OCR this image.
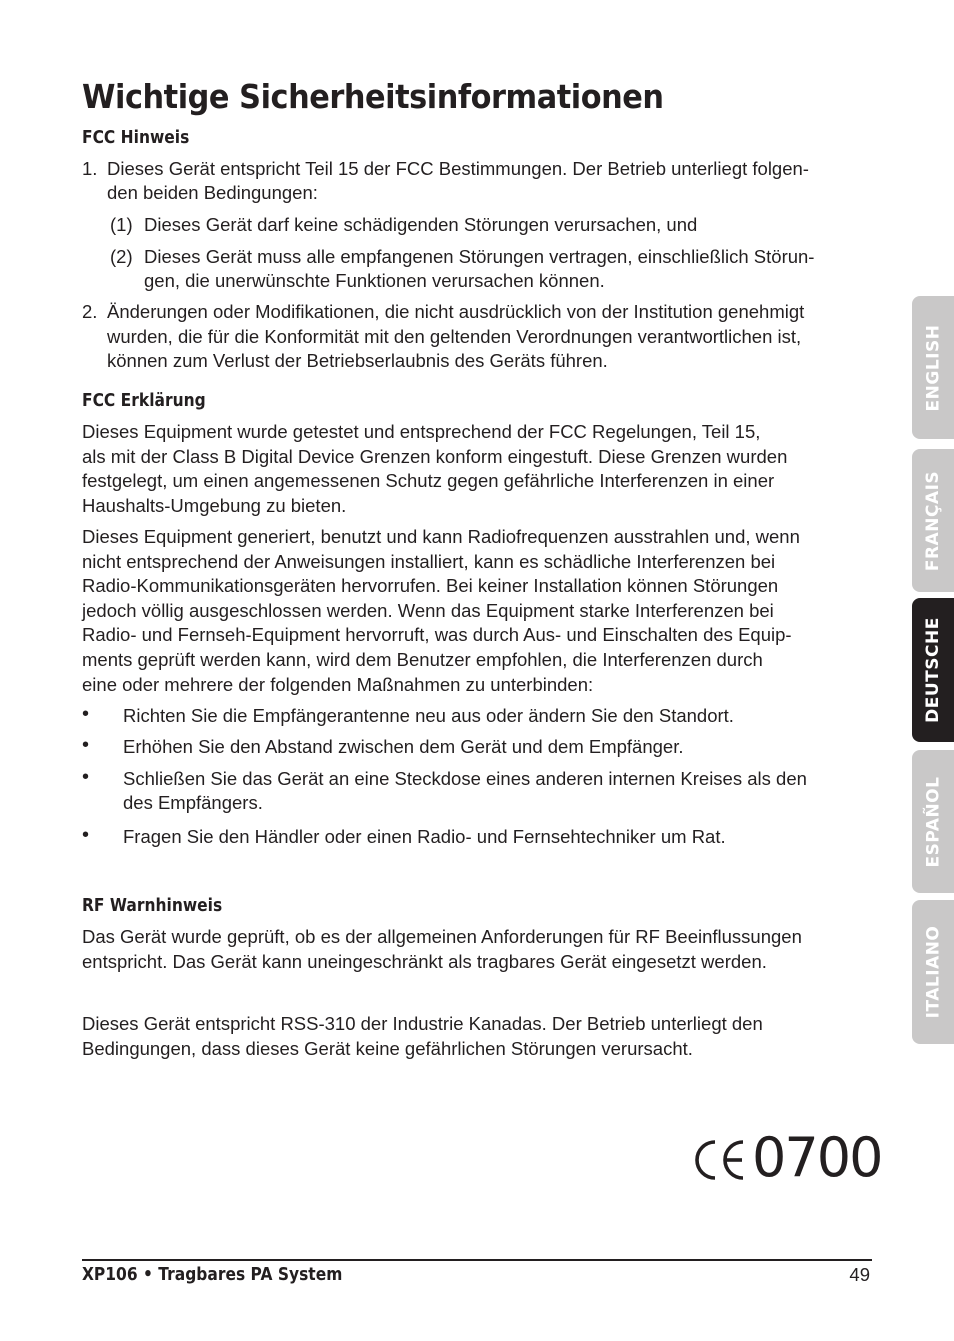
Wichtige Sicherheitsinformationen
FCC Hinweis
1. Dieses Gerät entspricht Teil 15 der FCC Bestimmungen. Der Betrieb unterliegt folgen-

den beiden Bedingungen:

(1) Dieses Gerät darf keine schädigenden Störungen verursachen, und

(2) Dieses Gerät muss alle empfangenen Störungen vertragen, einschließlich Störun-

gen, die unerwünschte Funktionen verursachen können.

2. Änderungen oder Modifikationen, die nicht ausdrücklich von der Institution genehmigt

wurden, die für die Konformität mit den geltenden Verordnungen verantwortlichen ist,

können zum Verlust der Betriebserlaubnis des Geräts führen.

FCC Erklärung

Dieses Equipment wurde getestet und entsprechend der FCC Regelungen, Teil 15,

als mit der Class B Digital Device Grenzen konform eingestuft. Diese Grenzen wurden

festgelegt, um einen angemessenen Schutz gegen gefährliche Interferenzen in einer

Haushalts-Umgebung zu bieten.

Dieses Equipment generiert, benutzt und kann Radiofrequenzen ausstrahlen und, wenn

nicht entsprechend der Anweisungen installiert, kann es schädliche Interferenzen bei

Radio-Kommunikationsgeräten hervorrufen. Bei keiner Installation können Störungen

jedoch völlig ausgeschlossen werden. Wenn das Equipment starke Interferenzen bei

Radio- und Fernseh-Equipment hervorruft, was durch Aus- und Einschalten des Equip-

ments geprüft werden kann, wird dem Benutzer empfohlen, die Interferenzen durch

eine oder mehrere der folgenden Maßnahmen zu unterbinden:

• Richten Sie die Empfängerantenne neu aus oder ändern Sie den Standort.

• Erhöhen Sie den Abstand zwischen dem Gerät und dem Empfänger.

• Schließen Sie das Gerät an eine Steckdose eines anderen internen Kreises als den

des Empfängers.

• Fragen Sie den Händler oder einen Radio- und Fernsehtechniker um Rat.

RF Warnhinweis

Das Gerät wurde geprüft, ob es der allgemeinen Anforderungen für RF Beeinflussungen

entspricht. Das Gerät kann uneingeschränkt als tragbares Gerät eingesetzt werden.

Dieses Gerät entspricht RSS-310 der Industrie Kanadas. Der Betrieb unterliegt den

Bedingungen, dass dieses Gerät keine gefährlichen Störungen verursacht.

0700
XP106 • Tragbares PA System	49
ENGLISH
FRANÇAIS
DEUTSCHE
ESPAÑOL
ITALIANO
